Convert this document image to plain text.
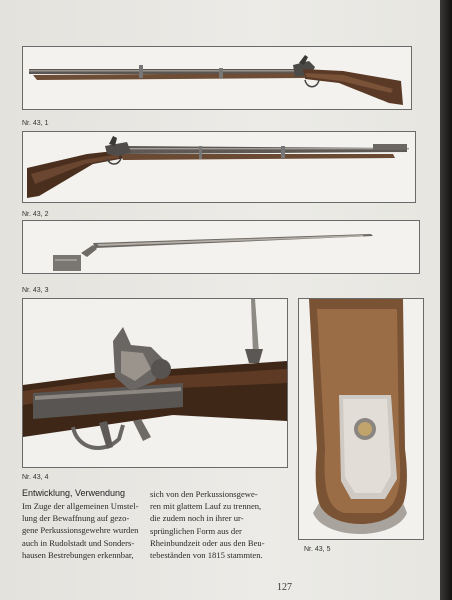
Nr. 43, 1
Nr. 43, 2
Nr. 43, 3
Nr. 43, 4
Nr. 43, 5
Entwicklung, Verwendung
Im Zuge der allgemeinen Umstel-
lung der Bewaffnung auf gezo-
gene Perkussionsgewehre wurden
auch in Rudolstadt und Sonders-
hausen Bestrebungen erkennbar,
sich von den Perkussionsgewe-
ren mit glattem Lauf zu trennen,
die zudem noch in ihrer ur-
sprünglichen Form aus der
Rheinbundzeit oder aus den Beu-
tebeständen von 1815 stammten.
127
